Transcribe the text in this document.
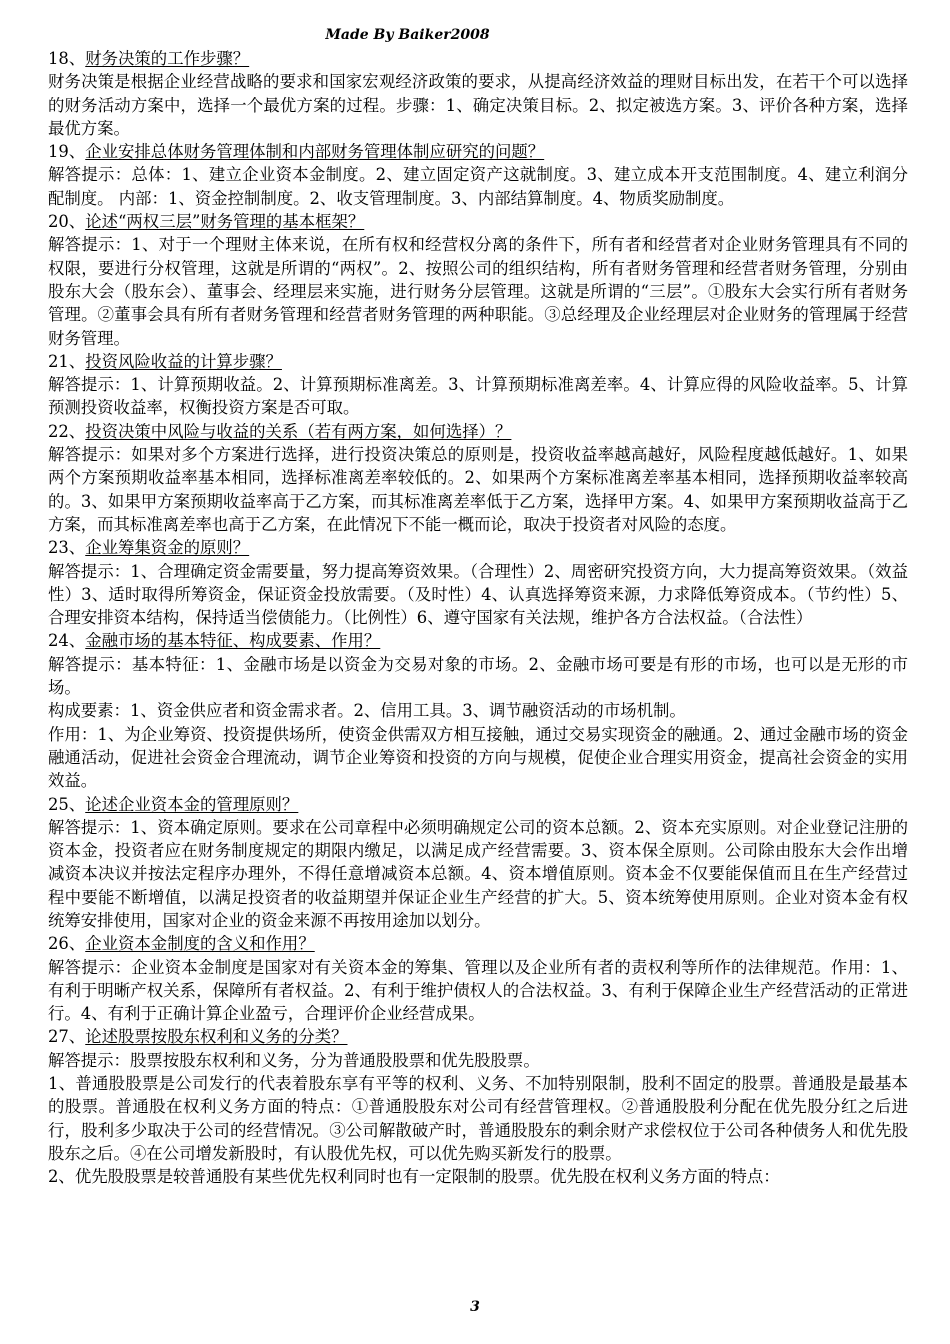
Made By Baiker2008

18、财务决策的工作步骤？

财务决策是根据企业经营战略的要求和国家宏观经济政策的要求，从提高经济效益的理财目标出发，在若干个可以选择的财务活动方案中，选择一个最优方案的过程。步骤：1、确定决策目标。2、拟定被选方案。3、评价各种方案，选择最优方案。

19、企业安排总体财务管理体制和内部财务管理体制应研究的问题？

解答提示：总体：1、建立企业资本金制度。2、建立固定资产这就制度。3、建立成本开支范围制度。4、建立利润分配制度。 内部：1、资金控制制度。2、收支管理制度。3、内部结算制度。4、物质奖励制度。

20、论述“两权三层”财务管理的基本框架？

解答提示：1、对于一个理财主体来说，在所有权和经营权分离的条件下，所有者和经营者对企业财务管理具有不同的权限，要进行分权管理，这就是所谓的“两权”。2、按照公司的组织结构，所有者财务管理和经营者财务管理，分别由股东大会（股东会）、董事会、经理层来实施，进行财务分层管理。这就是所谓的“三层”。①股东大会实行所有者财务管理。②董事会具有所有者财务管理和经营者财务管理的两种职能。③总经理及企业经理层对企业财务的管理属于经营财务管理。

21、投资风险收益的计算步骤？

解答提示：1、计算预期收益。2、计算预期标准离差。3、计算预期标准离差率。4、计算应得的风险收益率。5、计算预测投资收益率，权衡投资方案是否可取。

22、投资决策中风险与收益的关系（若有两方案，如何选择）？

解答提示：如果对多个方案进行选择，进行投资决策总的原则是，投资收益率越高越好，风险程度越低越好。1、如果两个方案预期收益率基本相同，选择标准离差率较低的。2、如果两个方案标准离差率基本相同，选择预期收益率较高的。3、如果甲方案预期收益率高于乙方案，而其标准离差率低于乙方案，选择甲方案。4、如果甲方案预期收益高于乙方案，而其标准离差率也高于乙方案，在此情况下不能一概而论，取决于投资者对风险的态度。

23、企业筹集资金的原则？

解答提示：1、合理确定资金需要量，努力提高筹资效果。（合理性）2、周密研究投资方向，大力提高筹资效果。（效益性）3、适时取得所筹资金，保证资金投放需要。（及时性）4、认真选择筹资来源，力求降低筹资成本。（节约性）5、合理安排资本结构，保持适当偿债能力。（比例性）6、遵守国家有关法规，维护各方合法权益。（合法性）

24、金融市场的基本特征、构成要素、作用？

解答提示：基本特征：1、金融市场是以资金为交易对象的市场。2、金融市场可要是有形的市场，也可以是无形的市场。

构成要素：1、资金供应者和资金需求者。2、信用工具。3、调节融资活动的市场机制。

作用：1、为企业筹资、投资提供场所，使资金供需双方相互接触，通过交易实现资金的融通。2、通过金融市场的资金融通活动，促进社会资金合理流动，调节企业筹资和投资的方向与规模，促使企业合理实用资金，提高社会资金的实用效益。

25、论述企业资本金的管理原则？

解答提示：1、资本确定原则。要求在公司章程中必须明确规定公司的资本总额。2、资本充实原则。对企业登记注册的资本金，投资者应在财务制度规定的期限内缴足，以满足成产经营需要。3、资本保全原则。公司除由股东大会作出增减资本决议并按法定程序办理外，不得任意增减资本总额。4、资本增值原则。资本金不仅要能保值而且在生产经营过程中要能不断增值，以满足投资者的收益期望并保证企业生产经营的扩大。5、资本统筹使用原则。企业对资本金有权统筹安排使用，国家对企业的资金来源不再按用途加以划分。

26、企业资本金制度的含义和作用？

解答提示：企业资本金制度是国家对有关资本金的筹集、管理以及企业所有者的责权利等所作的法律规范。作用：1、有利于明晰产权关系，保障所有者权益。2、有利于维护债权人的合法权益。3、有利于保障企业生产经营活动的正常进行。4、有利于正确计算企业盈亏，合理评价企业经营成果。

27、论述股票按股东权利和义务的分类？

解答提示：股票按股东权利和义务，分为普通股股票和优先股股票。

1、普通股股票是公司发行的代表着股东享有平等的权利、义务、不加特别限制，股利不固定的股票。普通股是最基本的股票。普通股在权利义务方面的特点：①普通股股东对公司有经营管理权。②普通股股利分配在优先股分红之后进行，股利多少取决于公司的经营情况。③公司解散破产时，普通股股东的剩余财产求偿权位于公司各种债务人和优先股股东之后。④在公司增发新股时，有认股优先权，可以优先购买新发行的股票。

2、优先股股票是较普通股有某些优先权利同时也有一定限制的股票。优先股在权利义务方面的特点：

3
